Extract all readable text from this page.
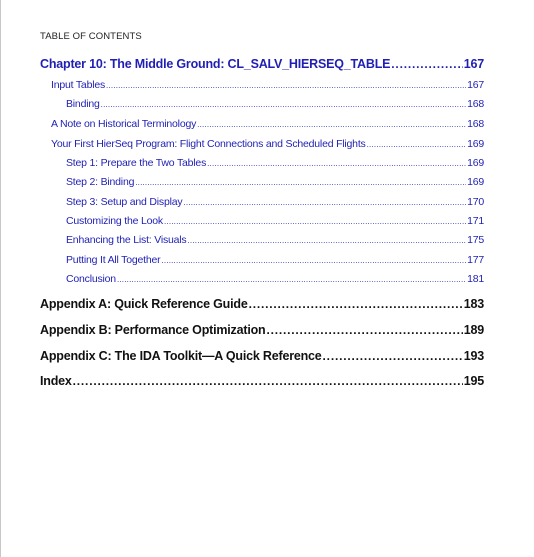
TABLE OF CONTENTS
Chapter 10: The Middle Ground: CL_SALV_HIERSEQ_TABLE .....	167
Input Tables .....	167
Binding .....	168
A Note on Historical Terminology .....	168
Your First HierSeq Program: Flight Connections and Scheduled Flights .....	169
Step 1: Prepare the Two Tables .....	169
Step 2: Binding .....	169
Step 3: Setup and Display .....	170
Customizing the Look .....	171
Enhancing the List: Visuals .....	175
Putting It All Together .....	177
Conclusion .....	181
Appendix A: Quick Reference Guide .....	183
Appendix B: Performance Optimization .....	189
Appendix C: The IDA Toolkit—A Quick Reference .....	193
Index .....	195
